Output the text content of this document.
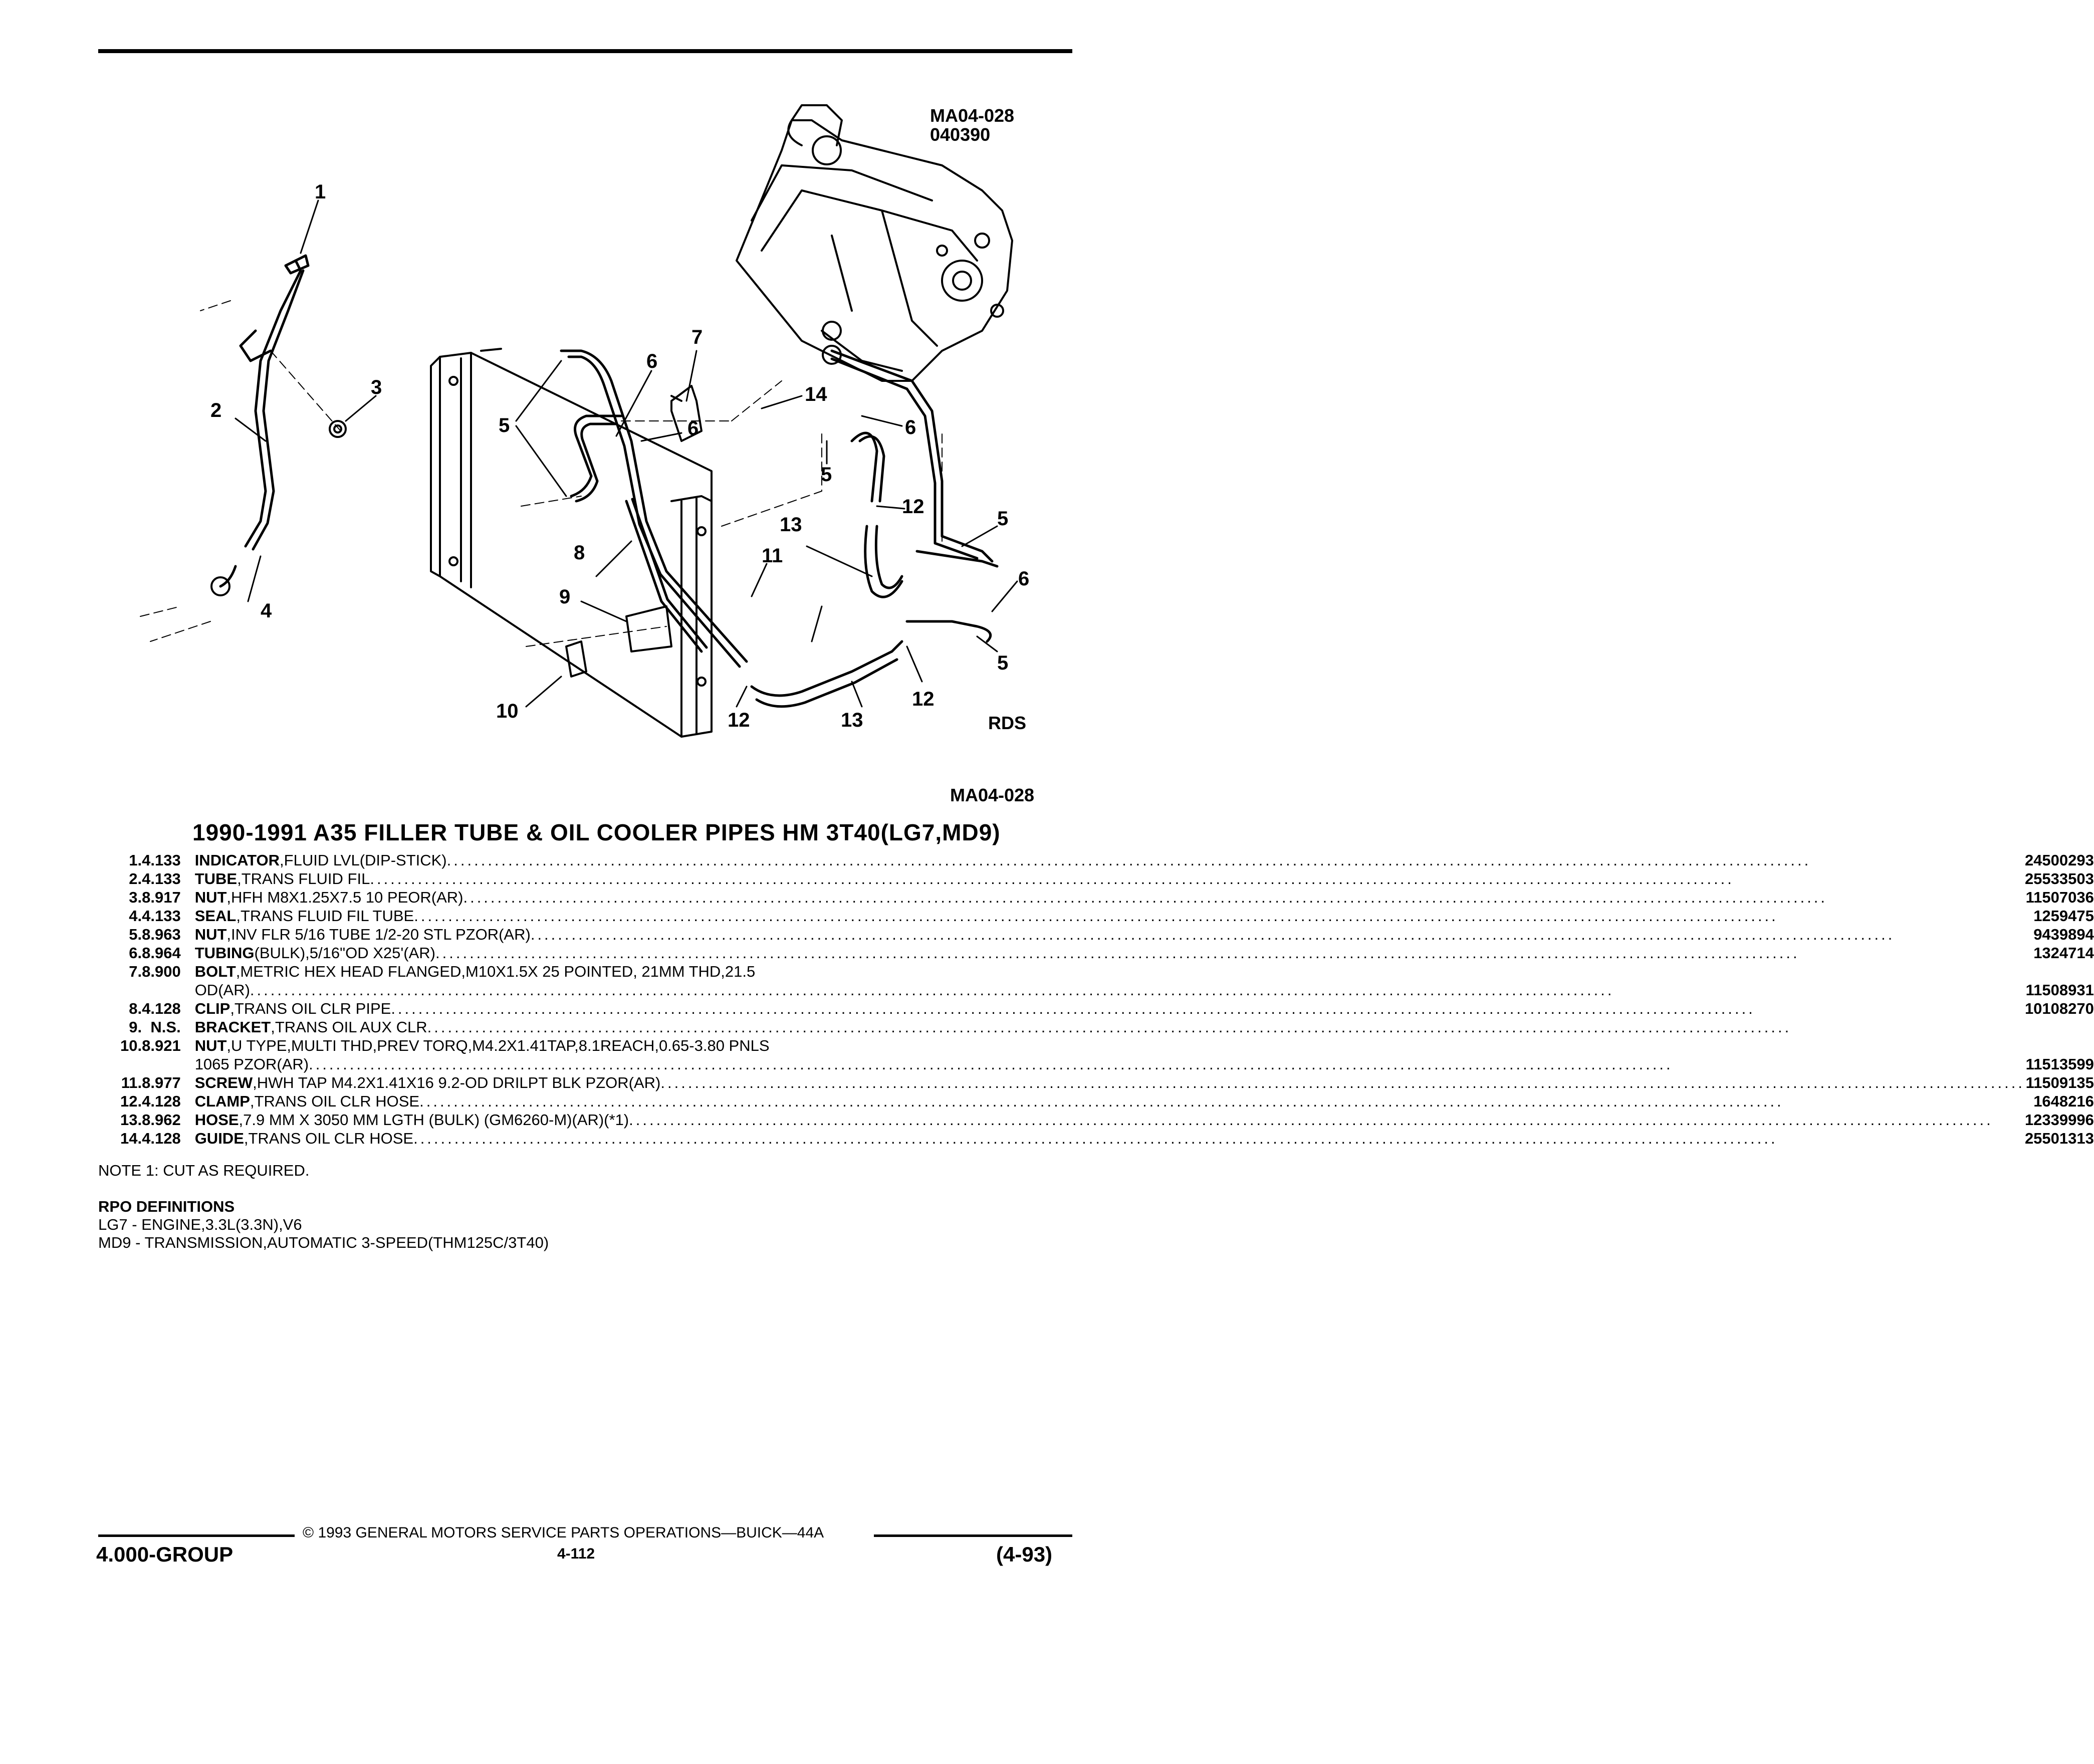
MA04-028
040390
1
2
3
4
5
5
5
5
6
6	6
6
7
8
9
10
11
12
12
12
13
13
14
RDS
MA04-028
1990-1991 A35 FILLER TUBE & OIL COOLER PIPES HM 3T40(LG7,MD9)
1.	4.133	INDICATOR ,FLUID LVL(DIP-STICK) ........................................................................................................................................................................................................	24500293
2.	4.133	TUBE ,TRANS FLUID FIL ........................................................................................................................................................................................................	25533503
3.	8.917	NUT ,HFH M8X1.25X7.5 10 PEOR(AR) ........................................................................................................................................................................................................	11507036
4.	4.133	SEAL ,TRANS FLUID FIL TUBE ........................................................................................................................................................................................................	1259475
5.	8.963	NUT ,INV FLR 5/16 TUBE 1/2-20 STL PZOR(AR) ........................................................................................................................................................................................................	9439894
6.	8.964	TUBING (BULK),5/16"OD X25'(AR) ........................................................................................................................................................................................................	1324714
7.	8.900	BOLT ,METRIC HEX HEAD FLANGED,M10X1.5X 25 POINTED, 21MM THD,21.5
OD(AR) ........................................................................................................................................................................................................	11508931
8.	4.128	CLIP ,TRANS OIL CLR PIPE ........................................................................................................................................................................................................	10108270
9.	N.S.	BRACKET ,TRANS OIL AUX CLR ........................................................................................................................................................................................................	

10.	8.921	NUT ,U TYPE,MULTI THD,PREV TORQ,M4.2X1.41TAP,8.1REACH,0.65-3.80 PNLS
1065 PZOR(AR) ........................................................................................................................................................................................................	11513599
11.	8.977	SCREW ,HWH TAP M4.2X1.41X16 9.2-OD DRILPT BLK PZOR(AR) ........................................................................................................................................................................................................	11509135
12.	4.128	CLAMP ,TRANS OIL CLR HOSE ........................................................................................................................................................................................................	1648216
13.	8.962	HOSE ,7.9 MM X 3050 MM LGTH (BULK) (GM6260-M)(AR)(*1) ........................................................................................................................................................................................................	12339996
14.	4.128	GUIDE ,TRANS OIL CLR HOSE ........................................................................................................................................................................................................	25501313
NOTE 1: CUT AS REQUIRED.
RPO DEFINITIONS
LG7 - ENGINE,3.3L(3.3N),V6
MD9 - TRANSMISSION,AUTOMATIC 3-SPEED(THM125C/3T40)
© 1993 GENERAL MOTORS SERVICE PARTS OPERATIONS—BUICK—44A
4.000-GROUP	4-112	(4-93)
